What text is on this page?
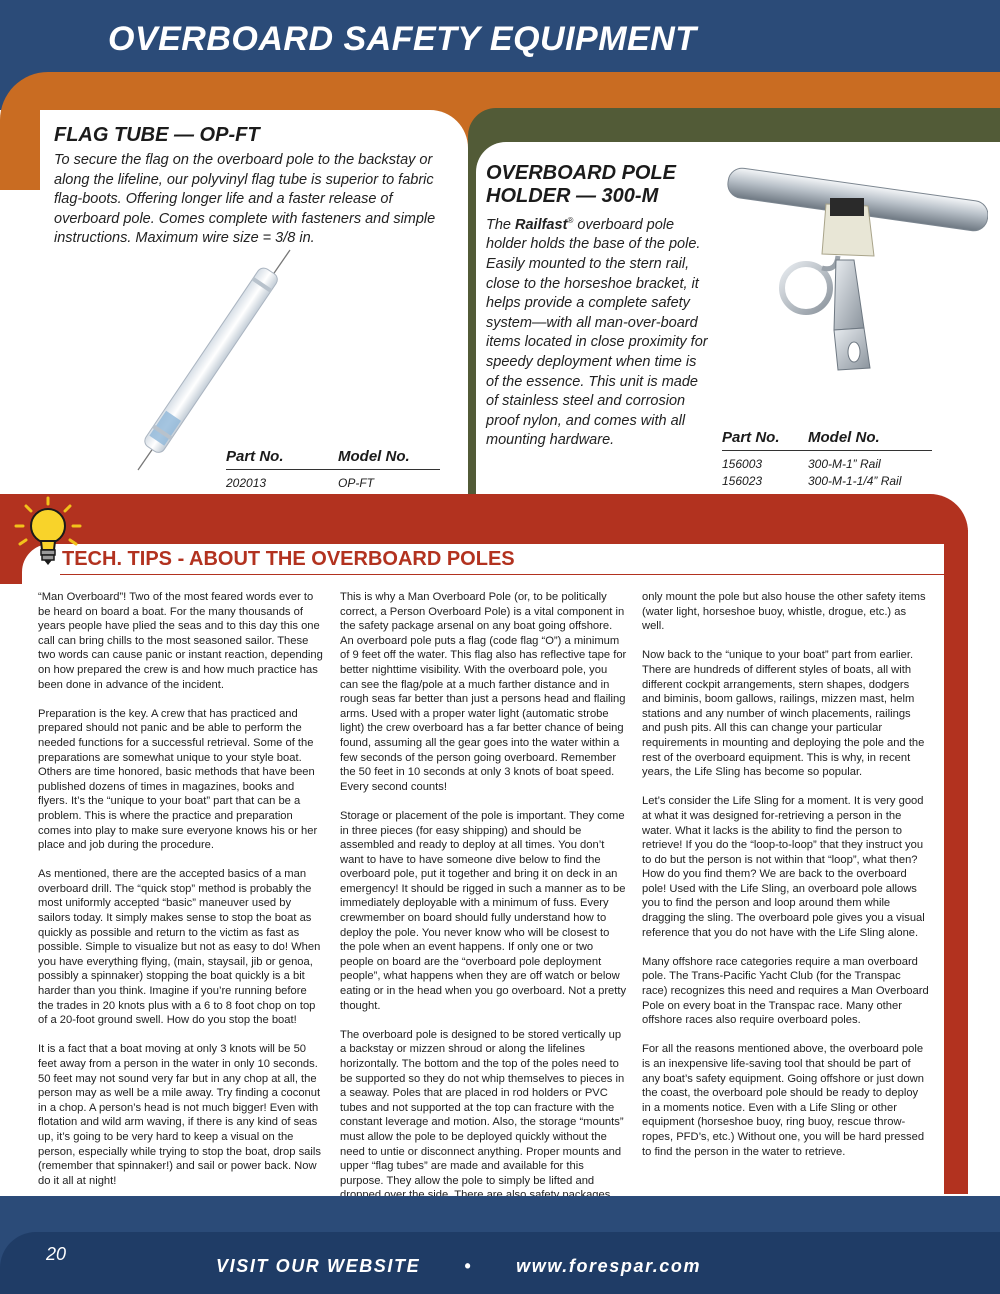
OVERBOARD SAFETY EQUIPMENT
FLAG TUBE — OP-FT
To secure the flag on the overboard pole to the backstay or along the lifeline, our polyvinyl flag tube is superior to fabric flag-boots. Offering longer life and a faster release of overboard pole. Comes complete with fasteners and simple instructions. Maximum wire size = 3/8 in.
Part No.	Model No.
202013	OP-FT
OVERBOARD POLE HOLDER — 300-M
The Railfast® overboard pole holder holds the base of the pole. Easily mounted to the stern rail, close to the horseshoe bracket, it helps provide a complete safety system—with all man-over-board items located in close proximity for speedy deployment when time is of the essence. This unit is made of stainless steel and corrosion proof nylon, and comes with all mounting hardware.	Part No.	Model No.
156003	300-M-1” Rail
156023	300-M-1-1/4” Rail
TECH. TIPS - ABOUT THE OVERBOARD POLES

“Man Overboard”! Two of the most feared words ever to be heard on board a boat. For the many thousands of years people have plied the seas and to this day this one call can bring chills to the most seasoned sailor. These two words can cause panic or instant reaction, depending on how prepared the crew is and how much practice has been done in advance of the incident.

Preparation is the key. A crew that has practiced and prepared should not panic and be able to perform the needed functions for a successful retrieval. Some of the preparations are somewhat unique to your style boat. Others are time honored, basic methods that have been published dozens of times in magazines, books and flyers. It’s the “unique to your boat” part that can be a problem. This is where the practice and preparation comes into play to make sure everyone knows his or her place and job during the procedure.

As mentioned, there are the accepted basics of a man overboard drill. The “quick stop” method is probably the most uniformly accepted “basic” maneuver used by sailors today. It simply makes sense to stop the boat as quickly as possible and return to the victim as fast as possible. Simple to visualize but not as easy to do! When you have everything flying, (main, staysail, jib or genoa, possibly a spinnaker) stopping the boat quickly is a bit harder than you think. Imagine if you’re running before the trades in 20 knots plus with a 6 to 8 foot chop on top of a 20-foot ground swell. How do you stop the boat!

It is a fact that a boat moving at only 3 knots will be 50 feet away from a person in the water in only 10 seconds. 50 feet may not sound very far but in any chop at all, the person may as well be a mile away. Try finding a coconut in a chop. A person’s head is not much bigger! Even with flotation and wild arm waving, if there is any kind of seas up, it’s going to be very hard to keep a visual on the person, especially while trying to stop the boat, drop sails (remember that spinnaker!) and sail or power back. Now do it all at night!

This is why a Man Overboard Pole (or, to be politically correct, a Person Overboard Pole) is a vital component in the safety package arsenal on any boat going offshore. An overboard pole puts a flag (code flag “O”) a minimum of 9 feet off the water. This flag also has reflective tape for better nighttime visibility. With the overboard pole, you can see the flag/pole at a much farther distance and in rough seas far better than just a persons head and flailing arms. Used with a proper water light (automatic strobe light) the crew overboard has a far better chance of being found, assuming all the gear goes into the water within a few seconds of the person going overboard. Remember the 50 feet in 10 seconds at only 3 knots of boat speed. Every second counts!

Storage or placement of the pole is important. They come in three pieces (for easy shipping) and should be assembled and ready to deploy at all times. You don’t want to have to have someone dive below to find the overboard pole, put it together and bring it on deck in an emergency! It should be rigged in such a manner as to be immediately deployable with a minimum of fuss. Every crewmember on board should fully understand how to deploy the pole. You never know who will be closest to the pole when an event happens. If only one or two people on board are the “overboard pole deployment people”, what happens when they are off watch or below eating or in the head when you go overboard. Not a pretty thought.

The overboard pole is designed to be stored vertically up a backstay or mizzen shroud or along the lifelines horizontally. The bottom and the top of the poles need to be supported so they do not whip themselves to pieces in a seaway. Poles that are placed in rod holders or PVC tubes and not supported at the top can fracture with the constant leverage and motion. Also, the storage “mounts” must allow the pole to be deployed quickly without the need to untie or disconnect anything. Proper mounts and upper “flag tubes” are made and available for this purpose. They allow the pole to simply be lifted and

only mount the pole but also house the other safety items (water light, horseshoe buoy, whistle, drogue, etc.) as well.

Now back to the “unique to your boat” part from earlier. There are hundreds of different styles of boats, all with different cockpit arrangements, stern shapes, dodgers and biminis, boom gallows, railings, mizzen mast, helm stations and any number of winch placements, railings and push pits. All this can change your particular requirements in mounting and deploying the pole and the rest of the overboard equipment. This is why, in recent years, the Life Sling has become so popular.

Let’s consider the Life Sling for a moment. It is very good at what it was designed for-retrieving a person in the water. What it lacks is the ability to find the person to retrieve! If you do the “loop-to-loop” that they instruct you to do but the person is not within that “loop”, what then? How do you find them? We are back to the overboard pole! Used with the Life Sling, an overboard pole allows you to find the person and loop around them while dragging the sling. The overboard pole gives you a visual reference that you do not have with the Life Sling alone.

Many offshore race categories require a man overboard pole. The Trans-Pacific Yacht Club (for the Transpac race) recognizes this need and requires a Man Overboard Pole on every boat in the Transpac race. Many other offshore races also require overboard poles.

For all the reasons mentioned above, the overboard pole is an inexpensive life-saving tool that should be part of any boat’s safety equipment. Going offshore or just down the coast, the overboard pole should be ready to deploy in a moments notice. Even with a Life Sling or other equipment (horseshoe buoy, ring buoy, rescue throw-ropes, PFD’s, etc.) Without one, you will be hard pressed to find the person in the water to retrieve.

20
VISIT OUR WEBSITE • www.forespar.com
